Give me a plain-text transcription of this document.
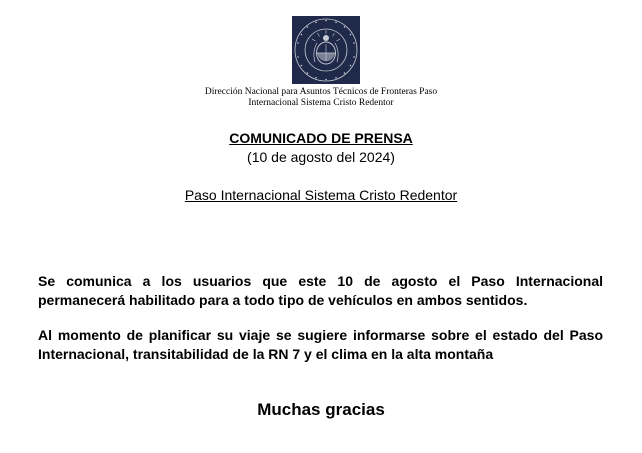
Dirección Nacional para Asuntos Técnicos de Fronteras Paso
Internacional Sistema Cristo Redentor
COMUNICADO DE PRENSA
(10 de agosto del 2024)
Paso Internacional Sistema Cristo Redentor
Se comunica a los usuarios que este 10 de agosto el Paso Internacional
permanecerá habilitado para a todo tipo de vehículos en ambos sentidos.
Al momento de planificar su viaje se sugiere informarse sobre el estado del Paso
Internacional, transitabilidad de la RN 7 y el clima en la alta montaña
Muchas gracias
